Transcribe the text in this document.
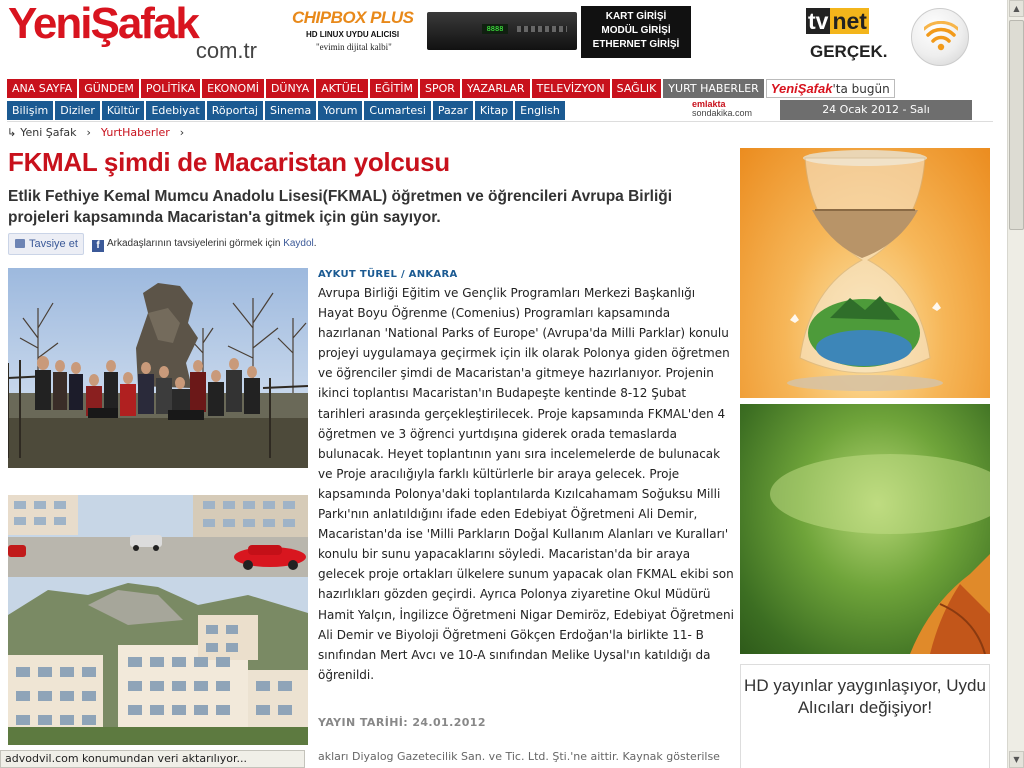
YeniŞafak
com.tr
CHIPBOX PLUS
HD LINUX UYDU ALICISI
"evimin dijital kalbi"
8888
KART GİRİŞİ
MODÜL GİRİŞİ
ETHERNET GİRİŞİ
tv net
GERÇEK.
ANA SAYFA	GÜNDEM	POLİTİKA	EKONOMİ	DÜNYA	AKTÜEL	EĞİTİM	SPOR	YAZARLAR	TELEVİZYON	SAĞLIK	YURT HABERLER YeniŞafak'ta bugün
Bilişim	Diziler	Kültür	Edebiyat	Röportaj	Sinema	Yorum	Cumartesi	Pazar	Kitap	English	emlakta
sondakika.com	24 Ocak 2012 - Salı
↳ Yeni Şafak › YurtHaberler ›
FKMAL şimdi de Macaristan yolcusu
Etlik Fethiye Kemal Mumcu Anadolu Lisesi(FKMAL) öğretmen ve öğrencileri Avrupa Birliği projeleri kapsamında Macaristan'a gitmek için gün sayıyor.
Tavsiye et	f Arkadaşlarının tavsiyelerini görmek için Kaydol.
AYKUT TÜREL / ANKARA
Avrupa Birliği Eğitim ve Gençlik Programları Merkezi Başkanlığı Hayat Boyu Öğrenme (Comenius) Programları kapsamında hazırlanan 'National Parks of Europe' (Avrupa'da Milli Parklar) konulu projeyi uygulamaya geçirmek için ilk olarak Polonya giden öğretmen ve öğrenciler şimdi de Macaristan'a gitmeye hazırlanıyor. Projenin ikinci toplantısı Macaristan'ın Budapeşte kentinde 8-12 Şubat tarihleri arasında gerçekleştirilecek. Proje kapsamında FKMAL'den 4 öğretmen ve 3 öğrenci yurtdışına giderek orada temaslarda bulunacak. Heyet toplantının yanı sıra incelemelerde de bulunacak ve Proje aracılığıyla farklı kültürlerle bir araya gelecek. Proje kapsamında Polonya'daki toplantılarda Kızılcahamam Soğuksu Milli Parkı'nın anlatıldığını ifade eden Edebiyat Öğretmeni Ali Demir, Macaristan'da ise 'Milli Parkların Doğal Kullanım Alanları ve Kuralları' konulu bir sunu yapacaklarını söyledi. Macaristan'da bir araya gelecek proje ortakları ülkelere sunum yapacak olan FKMAL ekibi son hazırlıkları gözden geçirdi. Ayrıca Polonya ziyaretine Okul Müdürü Hamit Yalçın, İngilizce Öğretmeni Nigar Demiröz, Edebiyat Öğretmeni Ali Demir ve Biyoloji Öğretmeni Gökçen Erdoğan'la birlikte 11- B sınıfından Mert Avcı ve 10-A sınıfından Melike Uysal'ın katıldığı da öğrenildi.
YAYIN TARİHİ: 24.01.2012
akları Diyalog Gazetecilik San. ve Tic. Ltd. Şti.'ne aittir. Kaynak gösterilse
HD yayınlar yaygınlaşıyor, Uydu Alıcıları değişiyor!
advodvil.com konumundan veri aktarılıyor...
▲
▼
